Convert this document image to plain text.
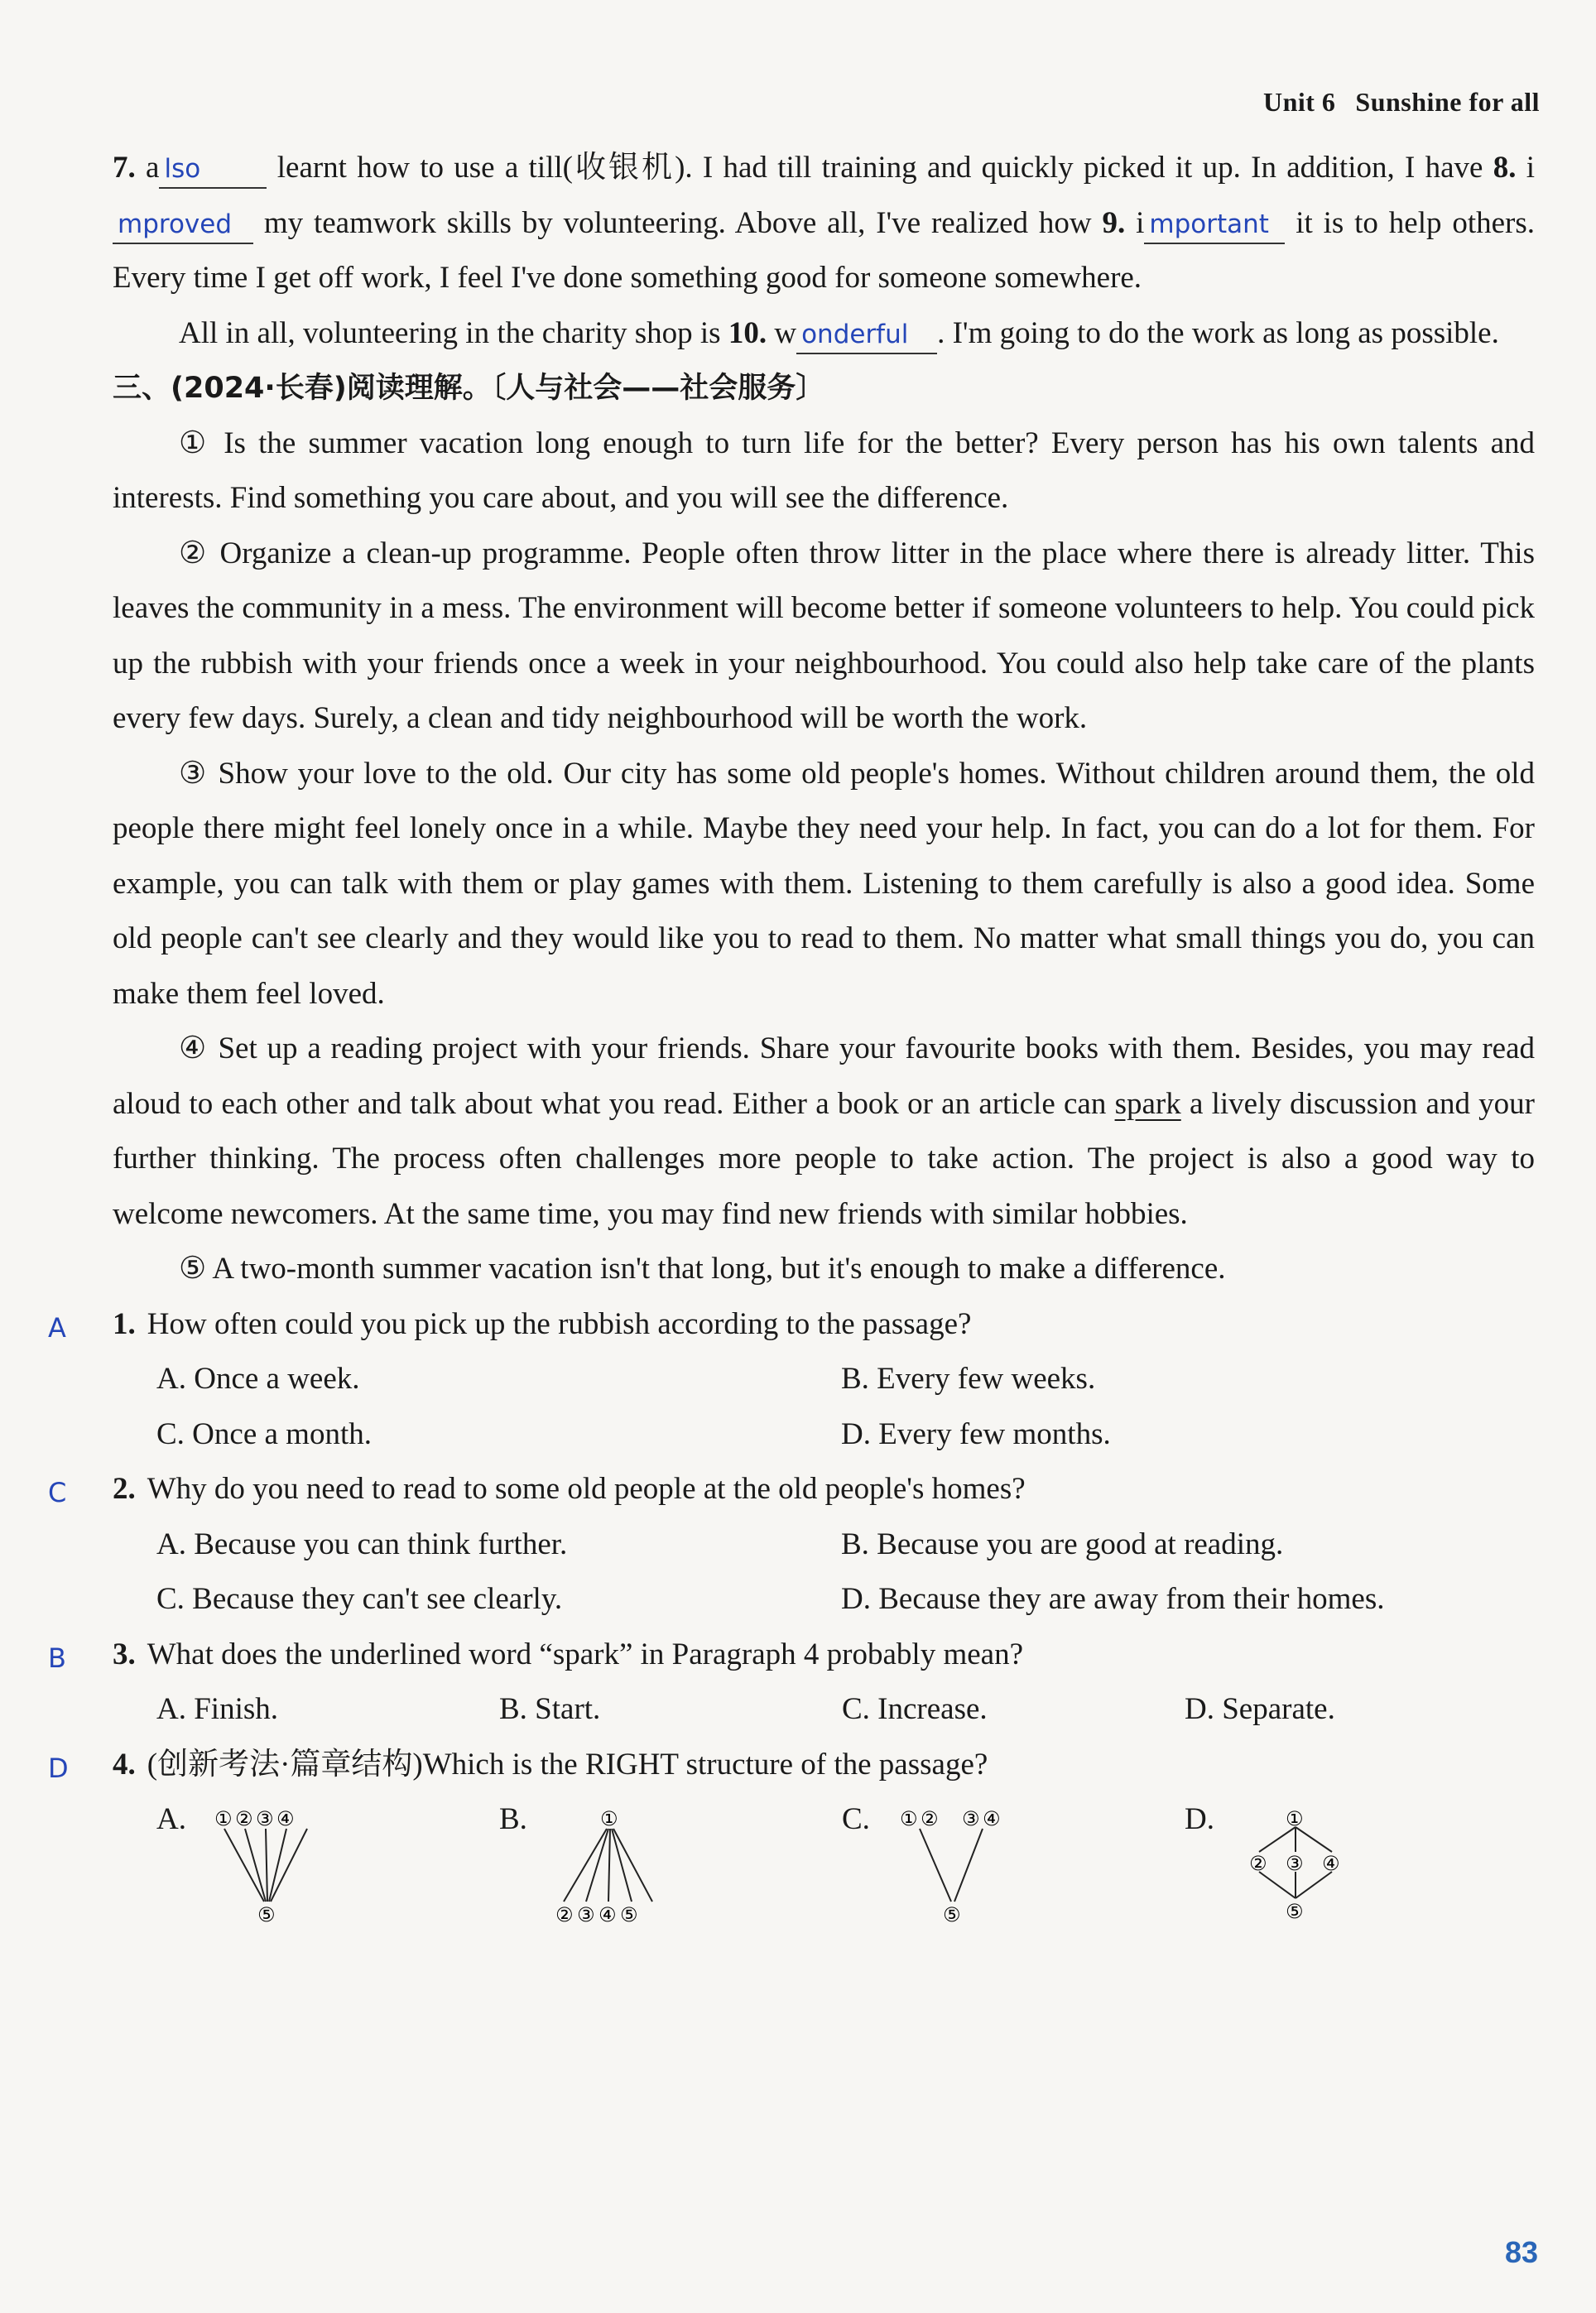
Unit 6 Sunshine for all

7. a lso learnt how to use a till(收银机). I had till training and quickly picked it up. In addition, I have 8. improved my teamwork skills by volunteering. Above all, I've realized how 9. i mportant it is to help others. Every time I get off work, I feel I've done something good for someone somewhere.

All in all, volunteering in the charity shop is 10. w onderful . I'm going to do the work as long as possible.

三、(2024·长春)阅读理解。〔人与社会——社会服务〕

① Is the summer vacation long enough to turn life for the better? Every person has his own talents and interests. Find something you care about, and you will see the difference.

② Organize a clean-up programme. People often throw litter in the place where there is already litter. This leaves the community in a mess. The environment will become better if someone volunteers to help. You could pick up the rubbish with your friends once a week in your neighbourhood. You could also help take care of the plants every few days. Surely, a clean and tidy neighbourhood will be worth the work.

③ Show your love to the old. Our city has some old people's homes. Without children around them, the old people there might feel lonely once in a while. Maybe they need your help. In fact, you can do a lot for them. For example, you can talk with them or play games with them. Listening to them carefully is also a good idea. Some old people can't see clearly and they would like you to read to them. No matter what small things you do, you can make them feel loved.

④ Set up a reading project with your friends. Share your favourite books with them. Besides, you may read aloud to each other and talk about what you read. Either a book or an article can spark a lively discussion and your further thinking. The process often challenges more people to take action. The project is also a good way to welcome newcomers. At the same time, you may find new friends with similar hobbies.

⑤ A two-month summer vacation isn't that long, but it's enough to make a difference.

A 1. How often could you pick up the rubbish according to the passage?
A. Once a week.	B. Every few weeks.
C. Once a month.	D. Every few months.
C 2. Why do you need to read to some old people at the old people's homes?
A. Because you can think further.	B. Because you are good at reading.
C. Because they can't see clearly.	D. Because they are away from their homes.
B 3. What does the underlined word “spark” in Paragraph 4 probably mean?
A. Finish.	B. Start.	C. Increase.	D. Separate.
D 4. (创新考法·篇章结构)Which is the RIGHT structure of the passage?
A. ① ② ③ ④
⑤
B.	①
② ③ ④ ⑤
C. ① ② ③ ④
⑤
D.	①
② ③ ④
⑤
83
